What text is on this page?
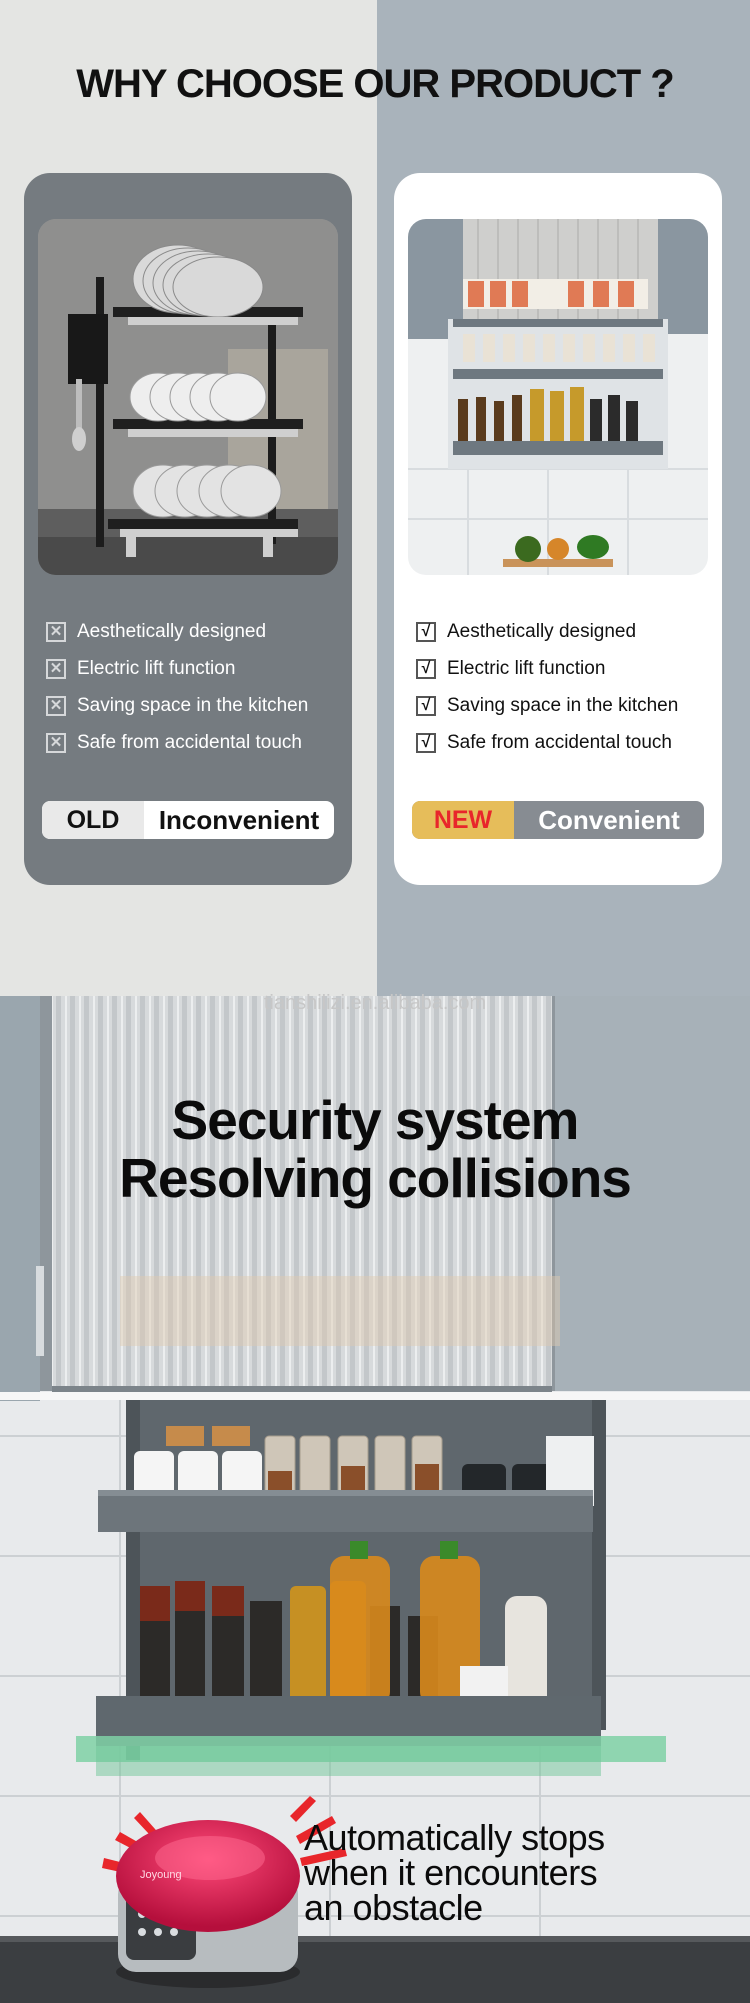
WHY CHOOSE OUR PRODUCT ?
✕ Aesthetically designed
✕ Electric lift function
✕ Saving space in the kitchen
✕ Safe from accidental touch
OLD	Inconvenient
√ Aesthetically designed
√ Electric lift function
√ Saving space in the kitchen
√ Safe from accidental touch
NEW	Convenient
Joyoung
tianshilizi.en.alibaba.com
Security system
Resolving collisions
Automatically stops
when it encounters
an obstacle
